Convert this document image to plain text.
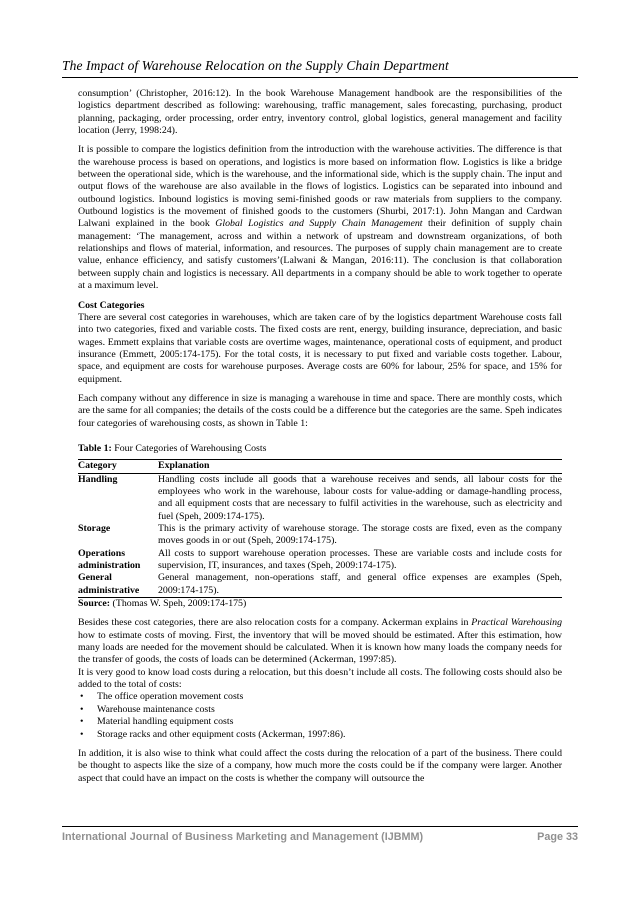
The Impact of Warehouse Relocation on the Supply Chain Department

consumption’ (Christopher, 2016:12). In the book Warehouse Management handbook are the responsibilities of the logistics department described as following: warehousing, traffic management, sales forecasting, purchasing, product planning, packaging, order processing, order entry, inventory control, global logistics, general management and facility location (Jerry, 1998:24).

It is possible to compare the logistics definition from the introduction with the warehouse activities. The difference is that the warehouse process is based on operations, and logistics is more based on information flow. Logistics is like a bridge between the operational side, which is the warehouse, and the informational side, which is the supply chain. The input and output flows of the warehouse are also available in the flows of logistics. Logistics can be separated into inbound and outbound logistics. Inbound logistics is moving semi-finished goods or raw materials from suppliers to the company. Outbound logistics is the movement of finished goods to the customers (Shurbi, 2017:1). John Mangan and Cardwan Lalwani explained in the book Global Logistics and Supply Chain Management their definition of supply chain management: ‘The management, across and within a network of upstream and downstream organizations, of both relationships and flows of material, information, and resources. The purposes of supply chain management are to create value, enhance efficiency, and satisfy customers’(Lalwani & Mangan, 2016:11). The conclusion is that collaboration between supply chain and logistics is necessary. All departments in a company should be able to work together to operate at a maximum level.

Cost Categories

There are several cost categories in warehouses, which are taken care of by the logistics department Warehouse costs fall into two categories, fixed and variable costs. The fixed costs are rent, energy, building insurance, depreciation, and basic wages. Emmett explains that variable costs are overtime wages, maintenance, operational costs of equipment, and product insurance (Emmett, 2005:174-175). For the total costs, it is necessary to put fixed and variable costs together. Labour, space, and equipment are costs for warehouse purposes. Average costs are 60% for labour, 25% for space, and 15% for equipment.

Each company without any difference in size is managing a warehouse in time and space. There are monthly costs, which are the same for all companies; the details of the costs could be a difference but the categories are the same. Speh indicates four categories of warehousing costs, as shown in Table 1:

Table 1: Four Categories of Warehousing Costs
Category	Explanation
Handling	Handling costs include all goods that a warehouse receives and sends, all labour costs for the employees who work in the warehouse, labour costs for value-adding or damage-handling process, and all equipment costs that are necessary to fulfil activities in the warehouse, such as electricity and fuel (Speh, 2009:174-175).
Storage	This is the primary activity of warehouse storage. The storage costs are fixed, even as the company moves goods in or out (Speh, 2009:174-175).
Operations administration	All costs to support warehouse operation processes. These are variable costs and include costs for supervision, IT, insurances, and taxes (Speh, 2009:174-175).
General administrative	General management, non-operations staff, and general office expenses are examples (Speh, 2009:174-175).
Source: (Thomas W. Speh, 2009:174-175)

Besides these cost categories, there are also relocation costs for a company. Ackerman explains in Practical Warehousing how to estimate costs of moving. First, the inventory that will be moved should be estimated. After this estimation, how many loads are needed for the movement should be calculated. When it is known how many loads the company needs for the transfer of goods, the costs of loads can be determined (Ackerman, 1997:85).

It is very good to know load costs during a relocation, but this doesn’t include all costs. The following costs should also be added to the total of costs:

• The office operation movement costs
• Warehouse maintenance costs
• Material handling equipment costs
• Storage racks and other equipment costs (Ackerman, 1997:86).

In addition, it is also wise to think what could affect the costs during the relocation of a part of the business. There could be thought to aspects like the size of a company, how much more the costs could be if the company were larger. Another aspect that could have an impact on the costs is whether the company will outsource the

International Journal of Business Marketing and Management (IJBMM)	Page 33
